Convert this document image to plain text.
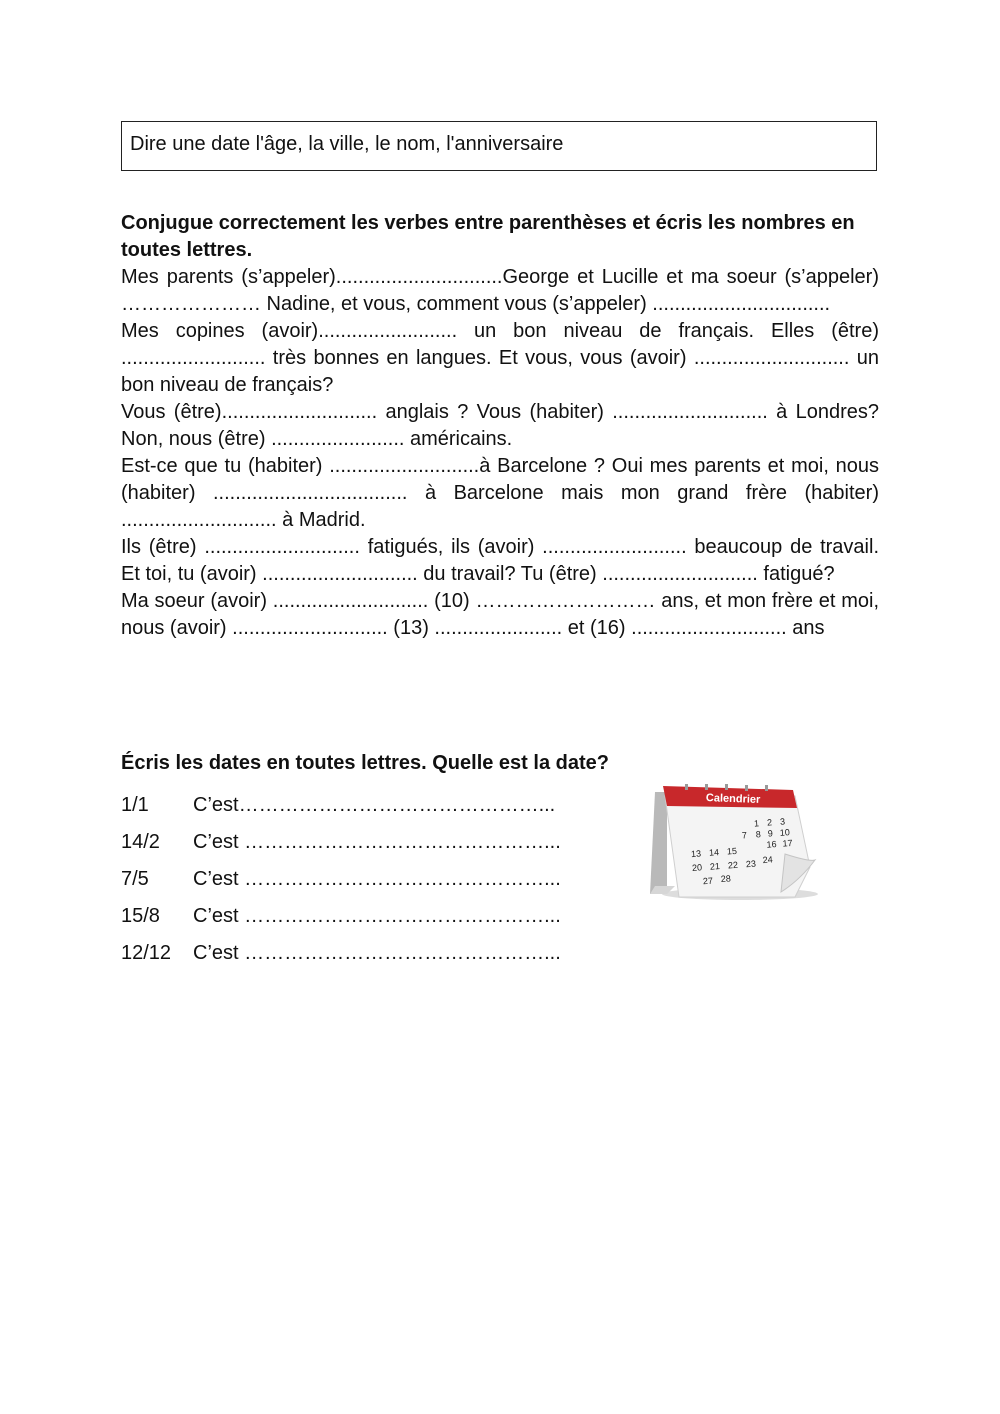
Dire une date l'âge, la ville, le nom, l'anniversaire

Conjugue correctement les verbes entre parenthèses et écris les nombres en toutes lettres.

Mes parents (s’appeler)..............................George et Lucille et ma soeur (s’appeler) ………………… Nadine, et vous, comment vous (s’appeler) ................................

Mes copines (avoir)......................... un bon niveau de français. Elles (être) .......................... très bonnes en langues. Et vous, vous (avoir) ............................ un bon niveau de français?

Vous (être)............................ anglais ? Vous (habiter) ............................ à Londres? Non, nous (être) ........................ américains.

Est-ce que tu (habiter) ...........................à Barcelone ? Oui mes parents et moi, nous (habiter) ................................... à Barcelone mais mon grand frère (habiter) ............................ à Madrid.

Ils (être) ............................ fatigués, ils (avoir) .......................... beaucoup de travail. Et toi, tu (avoir) ............................ du travail? Tu (être) ............................ fatigué?

Ma soeur (avoir) ............................ (10) ……………………… ans, et mon frère et moi, nous (avoir) ............................ (13) ....................... et (16) ............................ ans

Écris les dates en toutes lettres. Quelle est la date?

1/1	C’est………………………………………...
14/2	C’est ………………………………………...
7/5	C’est ………………………………………...
15/8	C’est ………………………………………...
12/12	C’est ………………………………………...
Calendrier
1 2 3
7 8 9 10
13 14 15
16 17
20 21 22 23 24
27 28
